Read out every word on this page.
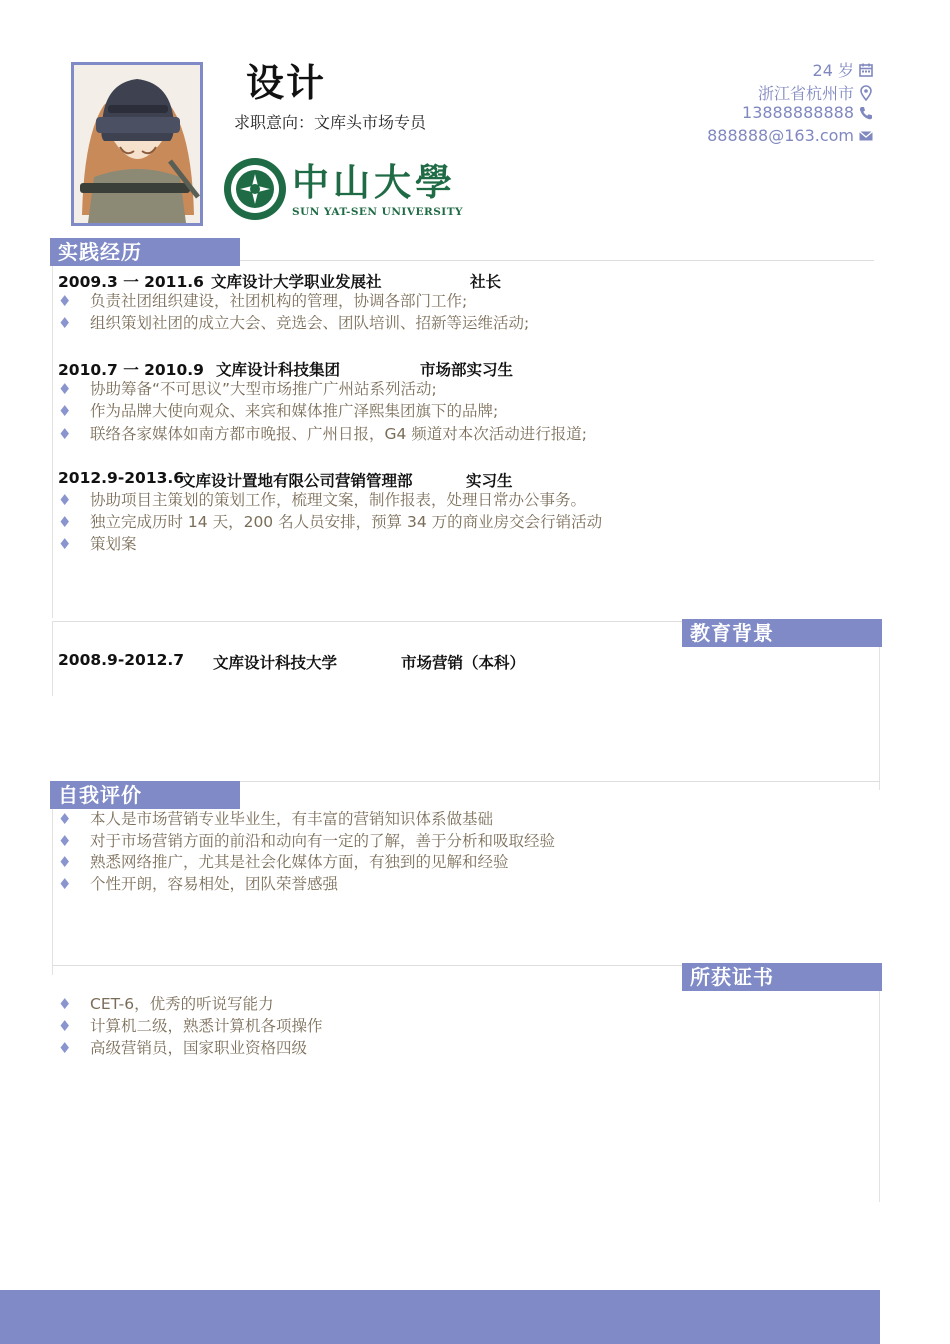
设计
求职意向：文库头市场专员
中山大學
SUN YAT-SEN UNIVERSITY
24 岁
浙江省杭州市
13888888888
888888@163.com
实践经历
2009.3 一 2011.6 文库设计大学职业发展社	社长
♦ 负责社团组织建设，社团机构的管理，协调各部门工作;
♦ 组织策划社团的成立大会、竞选会、团队培训、招新等运维活动;
2010.7 一 2010.9 文库设计科技集团	市场部实习生
♦ 协助筹备“不可思议”大型市场推广广州站系列活动;
♦ 作为品牌大使向观众、来宾和媒体推广泽熙集团旗下的品牌;
♦ 联络各家媒体如南方都市晚报、广州日报，G4 频道对本次活动进行报道;
2012.9-2013.6
文库设计置地有限公司营销管理部	实习生
♦ 协助项目主策划的策划工作，梳理文案，制作报表，处理日常办公事务。
♦ 独立完成历时 14 天，200 名人员安排，预算 34 万的商业房交会行销活动
♦ 策划案
教育背景
2008.9-2012.7 文库设计科技大学	市场营销（本科）
自我评价
♦ 本人是市场营销专业毕业生，有丰富的营销知识体系做基础
♦ 对于市场营销方面的前沿和动向有一定的了解，善于分析和吸取经验
♦ 熟悉网络推广，尤其是社会化媒体方面，有独到的见解和经验
♦ 个性开朗，容易相处，团队荣誉感强
所获证书
♦ CET-6，优秀的听说写能力
♦ 计算机二级，熟悉计算机各项操作
♦ 高级营销员，国家职业资格四级
